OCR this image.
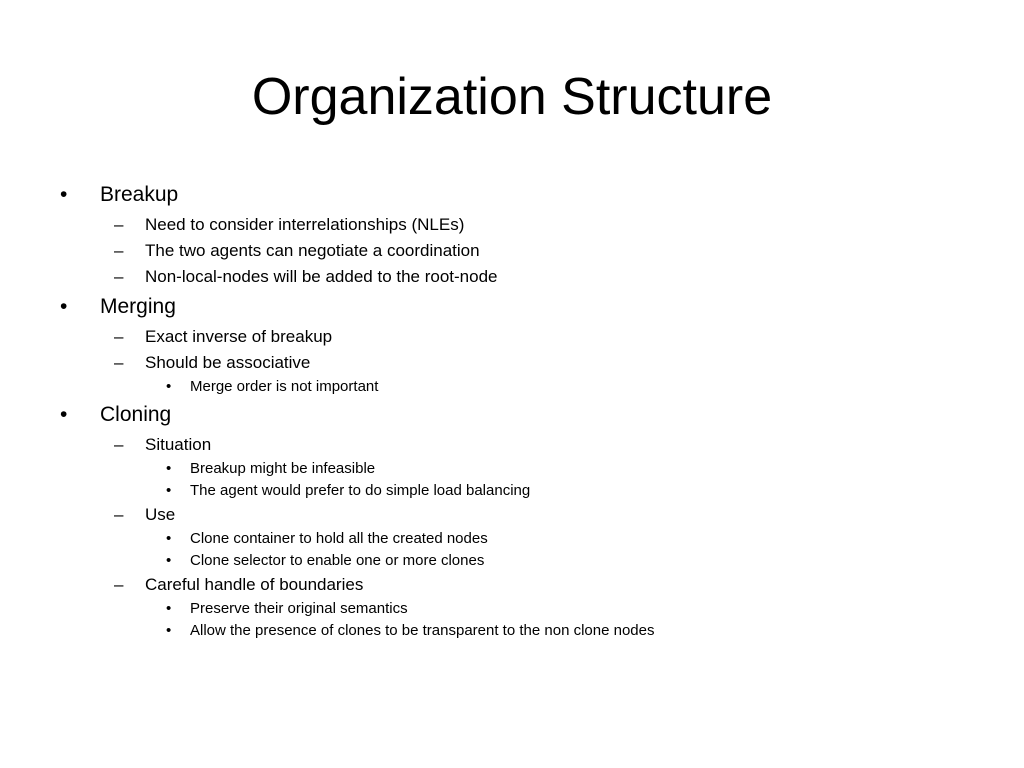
Organization Structure
• Breakup
– Need to consider interrelationships (NLEs)
– The two agents can negotiate a coordination
– Non-local-nodes will be added to the root-node
• Merging
– Exact inverse of breakup
– Should be associative
• Merge order is not important
• Cloning
– Situation
• Breakup might be infeasible
• The agent would prefer to do simple load balancing
– Use
• Clone container to hold all the created nodes
• Clone selector to enable one or more clones
– Careful handle of boundaries
• Preserve their original semantics
• Allow the presence of clones to be transparent to the non clone nodes
